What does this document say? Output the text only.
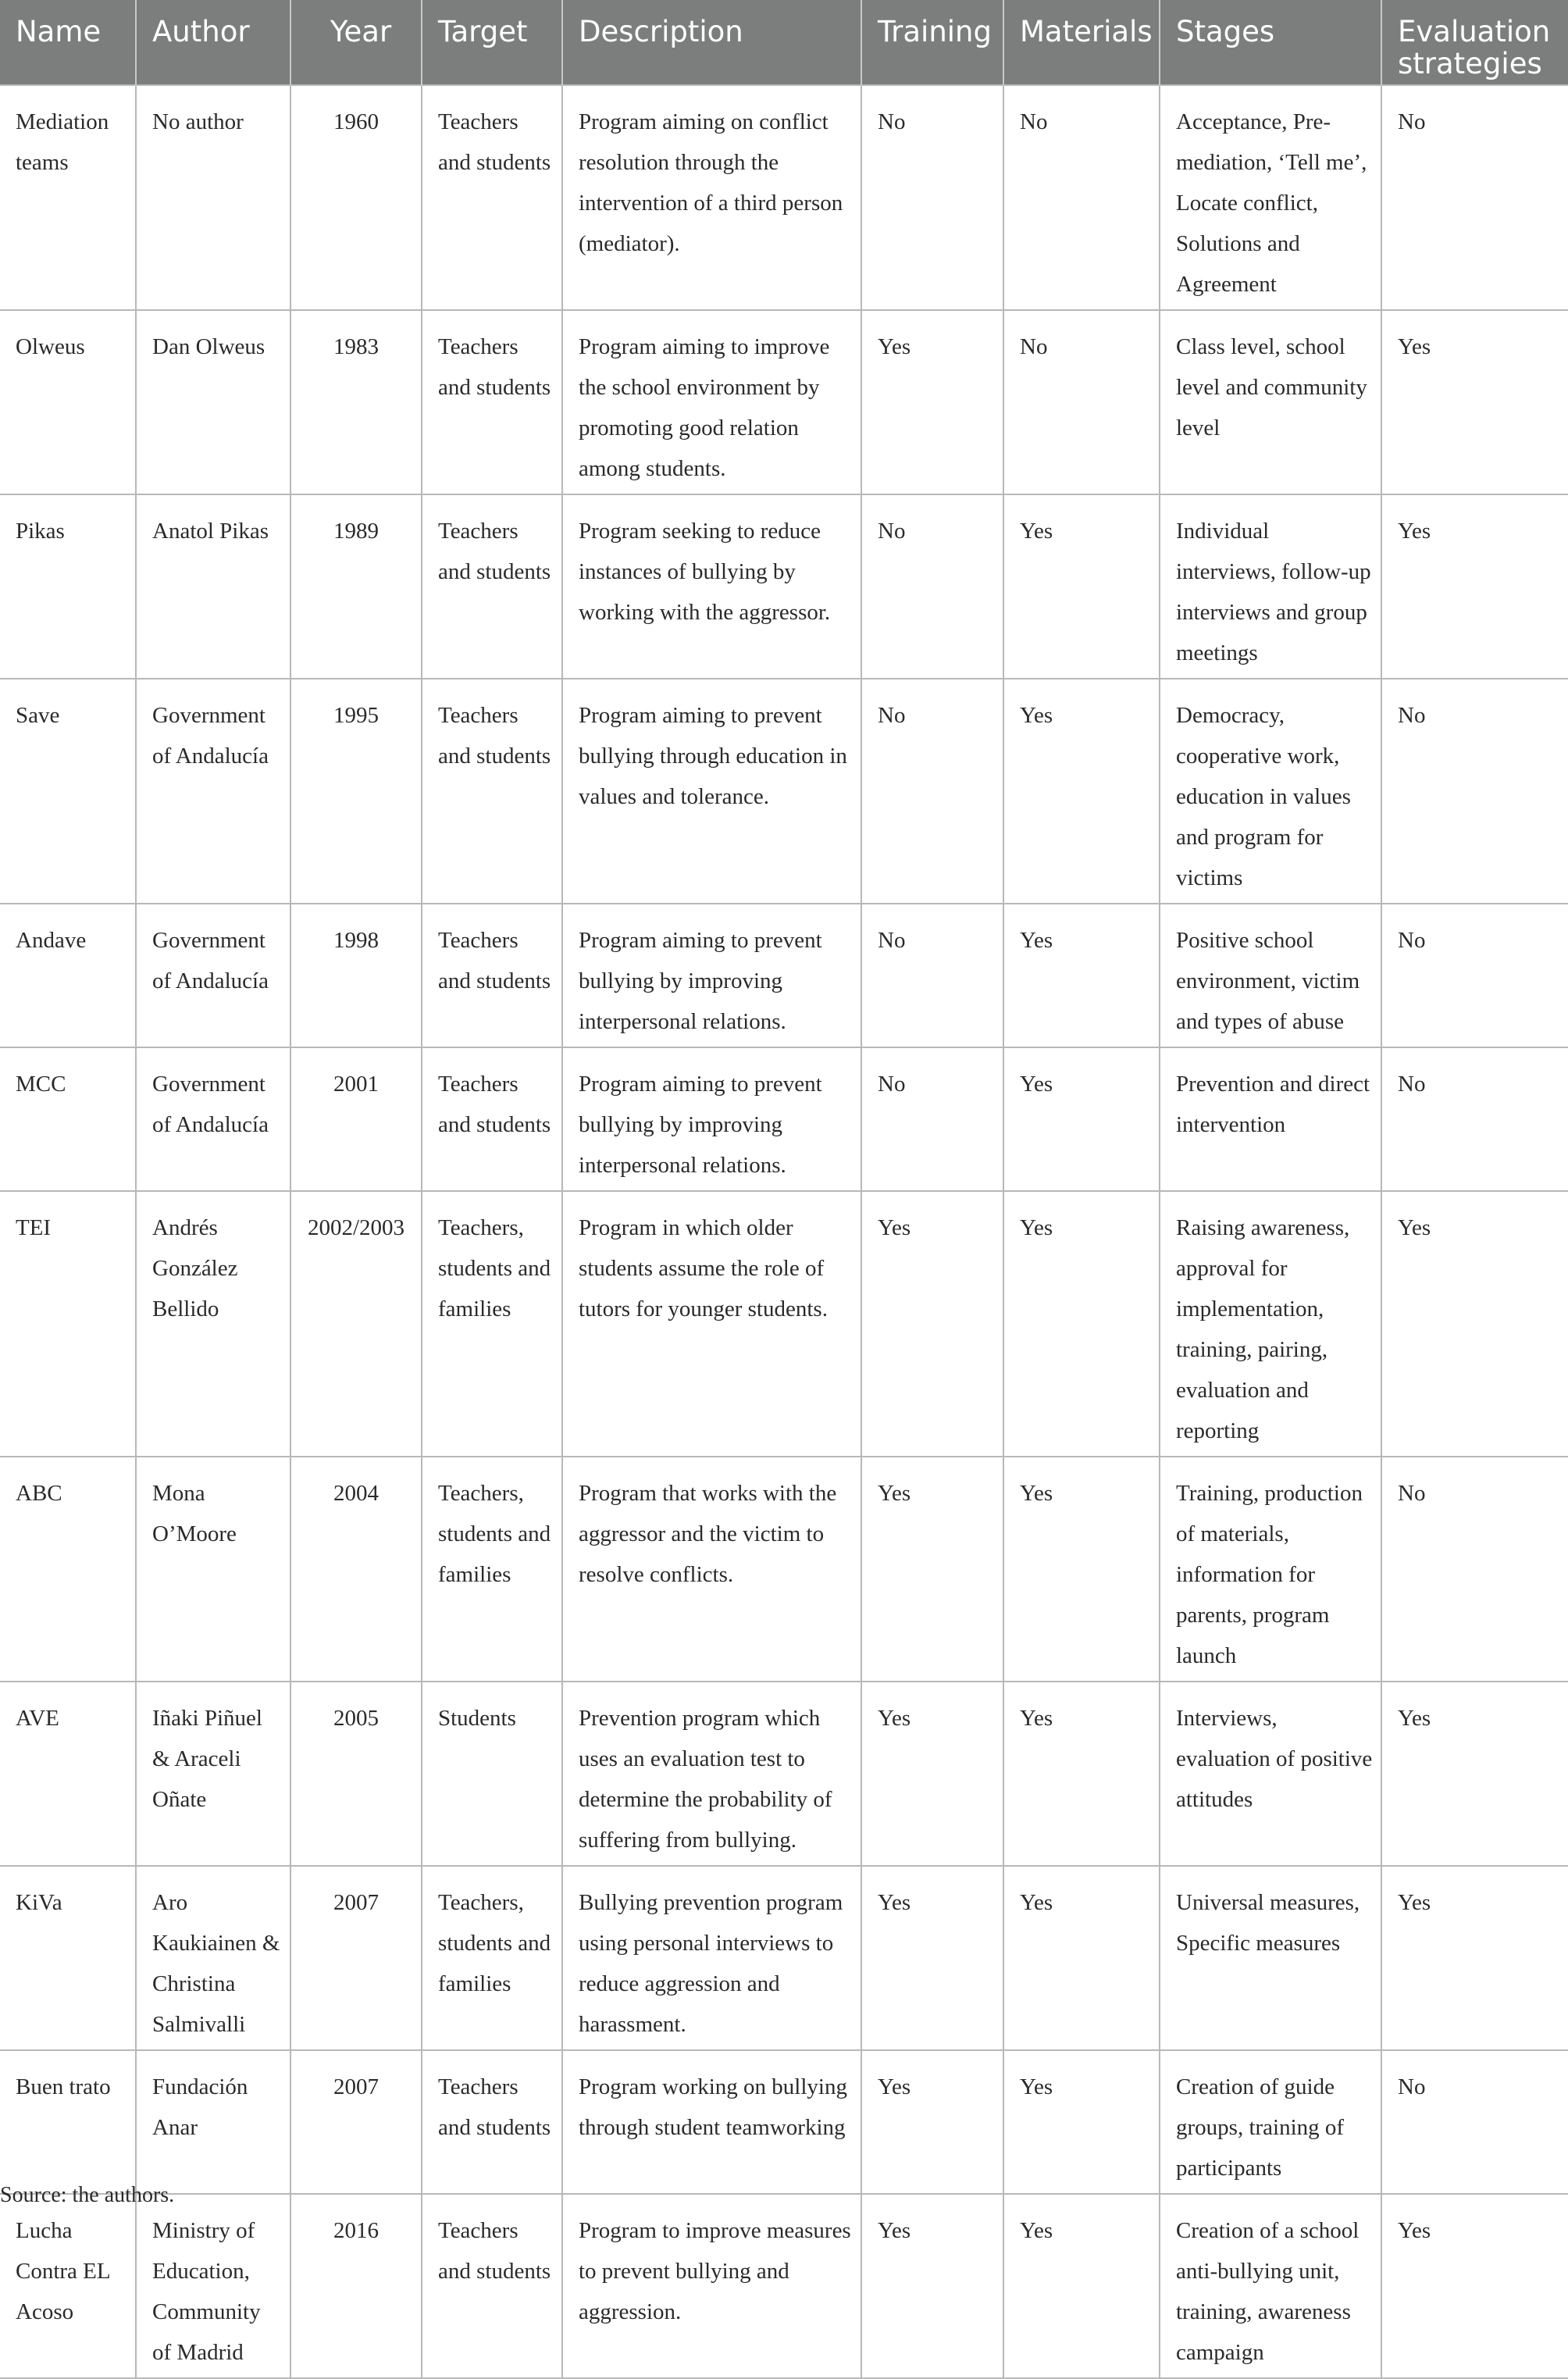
Name	Author	Year	Target	Description	Training	Materials	Stages	Evaluation strategies
Mediation teams	No author	1960	Teachers and students	Program aiming on conflict resolution through the intervention of a third person (mediator).	No	No	Acceptance, Pre-mediation, ‘Tell me’, Locate conflict, Solutions and Agreement	No
Olweus	Dan Olweus	1983	Teachers and students	Program aiming to improve the school environment by promoting good relation among students.	Yes	No	Class level, school level and community level	Yes
Pikas	Anatol Pikas	1989	Teachers and students	Program seeking to reduce instances of bullying by working with the aggressor.	No	Yes	Individual interviews, follow-up interviews and group meetings	Yes
Save	Government of Andalucía	1995	Teachers and students	Program aiming to prevent bullying through education in values and tolerance.	No	Yes	Democracy, cooperative work, education in values and program for victims	No
Andave	Government of Andalucía	1998	Teachers and students	Program aiming to prevent bullying by improving interpersonal relations.	No	Yes	Positive school environment, victim and types of abuse	No
MCC	Government of Andalucía	2001	Teachers and students	Program aiming to prevent bullying by improving interpersonal relations.	No	Yes	Prevention and direct intervention	No
TEI	Andrés González Bellido	2002/2003	Teachers, students and families	Program in which older students assume the role of tutors for younger students.	Yes	Yes	Raising awareness, approval for implementation, training, pairing, evaluation and reporting	Yes
ABC	Mona O’Moore	2004	Teachers, students and families	Program that works with the aggressor and the victim to resolve conflicts.	Yes	Yes	Training, production of materials, information for parents, program launch	No
AVE	Iñaki Piñuel & Araceli Oñate	2005	Students	Prevention program which uses an evaluation test to determine the probability of suffering from bullying.	Yes	Yes	Interviews, evaluation of positive attitudes	Yes
KiVa	Aro Kaukiainen & Christina Salmivalli	2007	Teachers, students and families	Bullying prevention program using personal interviews to reduce aggression and harassment.	Yes	Yes	Universal measures, Specific measures	Yes
Buen trato	Fundación Anar	2007	Teachers and students	Program working on bullying through student teamworking	Yes	Yes	Creation of guide groups, training of participants	No
Lucha Contra EL Acoso	Ministry of Education, Community of Madrid	2016	Teachers and students	Program to improve measures to prevent bullying and aggression.	Yes	Yes	Creation of a school anti-bullying unit, training, awareness campaign	Yes
Source: the authors.
